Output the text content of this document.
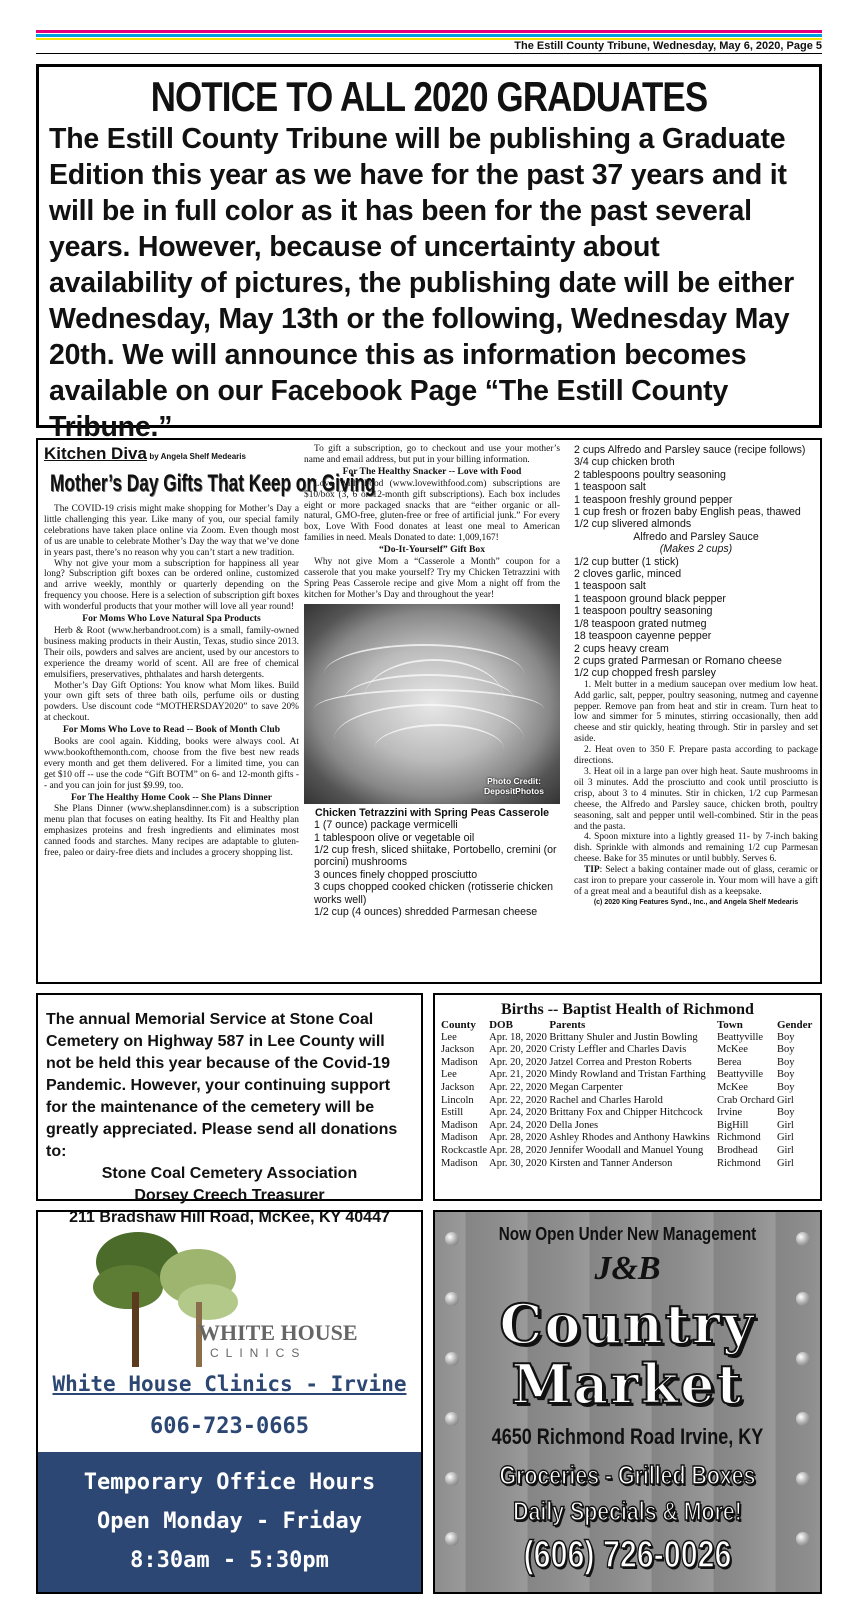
The Estill County Tribune, Wednesday, May 6, 2020, Page 5
NOTICE TO ALL 2020 GRADUATES

The Estill County Tribune will be publishing a Graduate Edition this year as we have for the past 37 years and it will be in full color as it has been for the past several years. However, because of uncertainty about availability of pictures, the publishing date will be either Wednesday, May 13th or the following, Wednesday May 20th. We will announce this as information becomes available on our Facebook Page “The Estill County Tribune.”

Kitchen Diva by Angela Shelf Medearis
Mother’s Day Gifts That Keep on Giving

The COVID-19 crisis might make shopping for Mother’s Day a little challenging this year. Like many of you, our special family celebrations have taken place online via Zoom. Even though most of us are unable to celebrate Mother’s Day the way that we’ve done in years past, there’s no reason why you can’t start a new tradition.

Why not give your mom a subscription for happiness all year long? Subscription gift boxes can be ordered online, customized and arrive weekly, monthly or quarterly depending on the frequency you choose. Here is a selection of subscription gift boxes with wonderful products that your mother will love all year round!

For Moms Who Love Natural Spa Products

Herb & Root (www.herbandroot.com) is a small, family-owned business making products in their Austin, Texas, studio since 2013. Their oils, powders and salves are ancient, used by our ancestors to experience the dreamy world of scent. All are free of chemical emulsifiers, preservatives, phthalates and harsh detergents.

Mother’s Day Gift Options: You know what Mom likes. Build your own gift sets of three bath oils, perfume oils or dusting powders. Use discount code “MOTHERSDAY2020” to save 20% at checkout.

For Moms Who Love to Read -- Book of Month Club

Books are cool again. Kidding, books were always cool. At www.bookofthemonth.com, choose from the five best new reads every month and get them delivered. For a limited time, you can get $10 off -- use the code “Gift BOTM” on 6- and 12-month gifts -- and you can join for just $9.99, too.

For The Healthy Home Cook -- She Plans Dinner

She Plans Dinner (www.sheplansdinner.com) is a subscription menu plan that focuses on eating healthy. Its Fit and Healthy plan emphasizes proteins and fresh ingredients and eliminates most canned foods and starches. Many recipes are adaptable to gluten-free, paleo or dairy-free diets and includes a grocery shopping list.

To gift a subscription, go to checkout and use your mother’s name and email address, but put in your billing information.

For The Healthy Snacker -- Love with Food

Love With Food (www.lovewithfood.com) subscriptions are $10/box (3, 6 or 12-month gift subscriptions). Each box includes eight or more packaged snacks that are “either organic or all-natural, GMO-free, gluten-free or free of artificial junk.” For every box, Love With Food donates at least one meal to American families in need. Meals Donated to date: 1,009,167!

“Do-It-Yourself” Gift Box

Why not give Mom a “Casserole a Month” coupon for a casserole that you make yourself? Try my Chicken Tetrazzini with Spring Peas Casserole recipe and give Mom a night off from the kitchen for Mother’s Day and throughout the year!

Photo Credit: DepositPhotos
Chicken Tetrazzini with Spring Peas Casserole
1 (7 ounce) package vermicelli
1 tablespoon olive or vegetable oil
1/2 cup fresh, sliced shiitake, Portobello, cremini (or porcini) mushrooms
3 ounces finely chopped prosciutto
3 cups chopped cooked chicken (rotisserie chicken works well)
1/2 cup (4 ounces) shredded Parmesan cheese
2 cups Alfredo and Parsley sauce (recipe follows)
3/4 cup chicken broth
2 tablespoons poultry seasoning
1 teaspoon salt
1 teaspoon freshly ground pepper
1 cup fresh or frozen baby English peas, thawed
1/2 cup slivered almonds
Alfredo and Parsley Sauce
(Makes 2 cups)
1/2 cup butter (1 stick)
2 cloves garlic, minced
1 teaspoon salt
1 teaspoon ground black pepper
1 teaspoon poultry seasoning
1/8 teaspoon grated nutmeg
18 teaspoon cayenne pepper
2 cups heavy cream
2 cups grated Parmesan or Romano cheese
1/2 cup chopped fresh parsley

1. Melt butter in a medium saucepan over medium low heat. Add garlic, salt, pepper, poultry seasoning, nutmeg and cayenne pepper. Remove pan from heat and stir in cream. Turn heat to low and simmer for 5 minutes, stirring occasionally, then add cheese and stir quickly, heating through. Stir in parsley and set aside.

2. Heat oven to 350 F. Prepare pasta according to package directions.

3. Heat oil in a large pan over high heat. Saute mushrooms in oil 3 minutes. Add the prosciutto and cook until prosciutto is crisp, about 3 to 4 minutes. Stir in chicken, 1/2 cup Parmesan cheese, the Alfredo and Parsley sauce, chicken broth, poultry seasoning, salt and pepper until well-combined. Stir in the peas and the pasta.

4. Spoon mixture into a lightly greased 11- by 7-inch baking dish. Sprinkle with almonds and remaining 1/2 cup Parmesan cheese. Bake for 35 minutes or until bubbly. Serves 6.

TIP: Select a baking container made out of glass, ceramic or cast iron to prepare your casserole in. Your mom will have a gift of a great meal and a beautiful dish as a keepsake.

(c) 2020 King Features Synd., Inc., and Angela Shelf Medearis

The annual Memorial Service at Stone Coal Cemetery on Highway 587 in Lee County will not be held this year because of the Covid-19 Pandemic. However, your continuing support for the maintenance of the cemetery will be greatly appreciated. Please send all donations to:

Stone Coal Cemetery Association

Dorsey Creech Treasurer

211 Bradshaw Hill Road, McKee, KY 40447

Births -- Baptist Health of Richmond
County	DOB	Parents	Town	Gender
Lee	Apr. 18, 2020	Brittany Shuler and Justin Bowling	Beattyville	Boy
Jackson	Apr. 20, 2020	Cristy Leffler and Charles Davis	McKee	Boy
Madison	Apr. 20, 2020	Jatzel Correa and Preston Roberts	Berea	Boy
Lee	Apr. 21, 2020	Mindy Rowland and Tristan Farthing	Beattyville	Boy
Jackson	Apr. 22, 2020	Megan Carpenter	McKee	Boy
Lincoln	Apr. 22, 2020	Rachel and Charles Harold	Crab Orchard	Girl
Estill	Apr. 24, 2020	Brittany Fox and Chipper Hitchcock	Irvine	Boy
Madison	Apr. 24, 2020	Della Jones	BigHill	Girl
Madison	Apr. 28, 2020	Ashley Rhodes and Anthony Hawkins	Richmond	Girl
Rockcastle	Apr. 28, 2020	Jennifer Woodall and Manuel Young	Brodhead	Girl
Madison	Apr. 30, 2020	Kirsten and Tanner Anderson	Richmond	Girl
WHITE HOUSE
CLINICS
White House Clinics - Irvine
606-723-0665
Temporary Office Hours
Open Monday - Friday
8:30am - 5:30pm
Now Open Under New Management
J&B
Country
Market
4650 Richmond Road Irvine, KY
Groceries - Grilled Boxes
Daily Specials & More!
(606) 726-0026
